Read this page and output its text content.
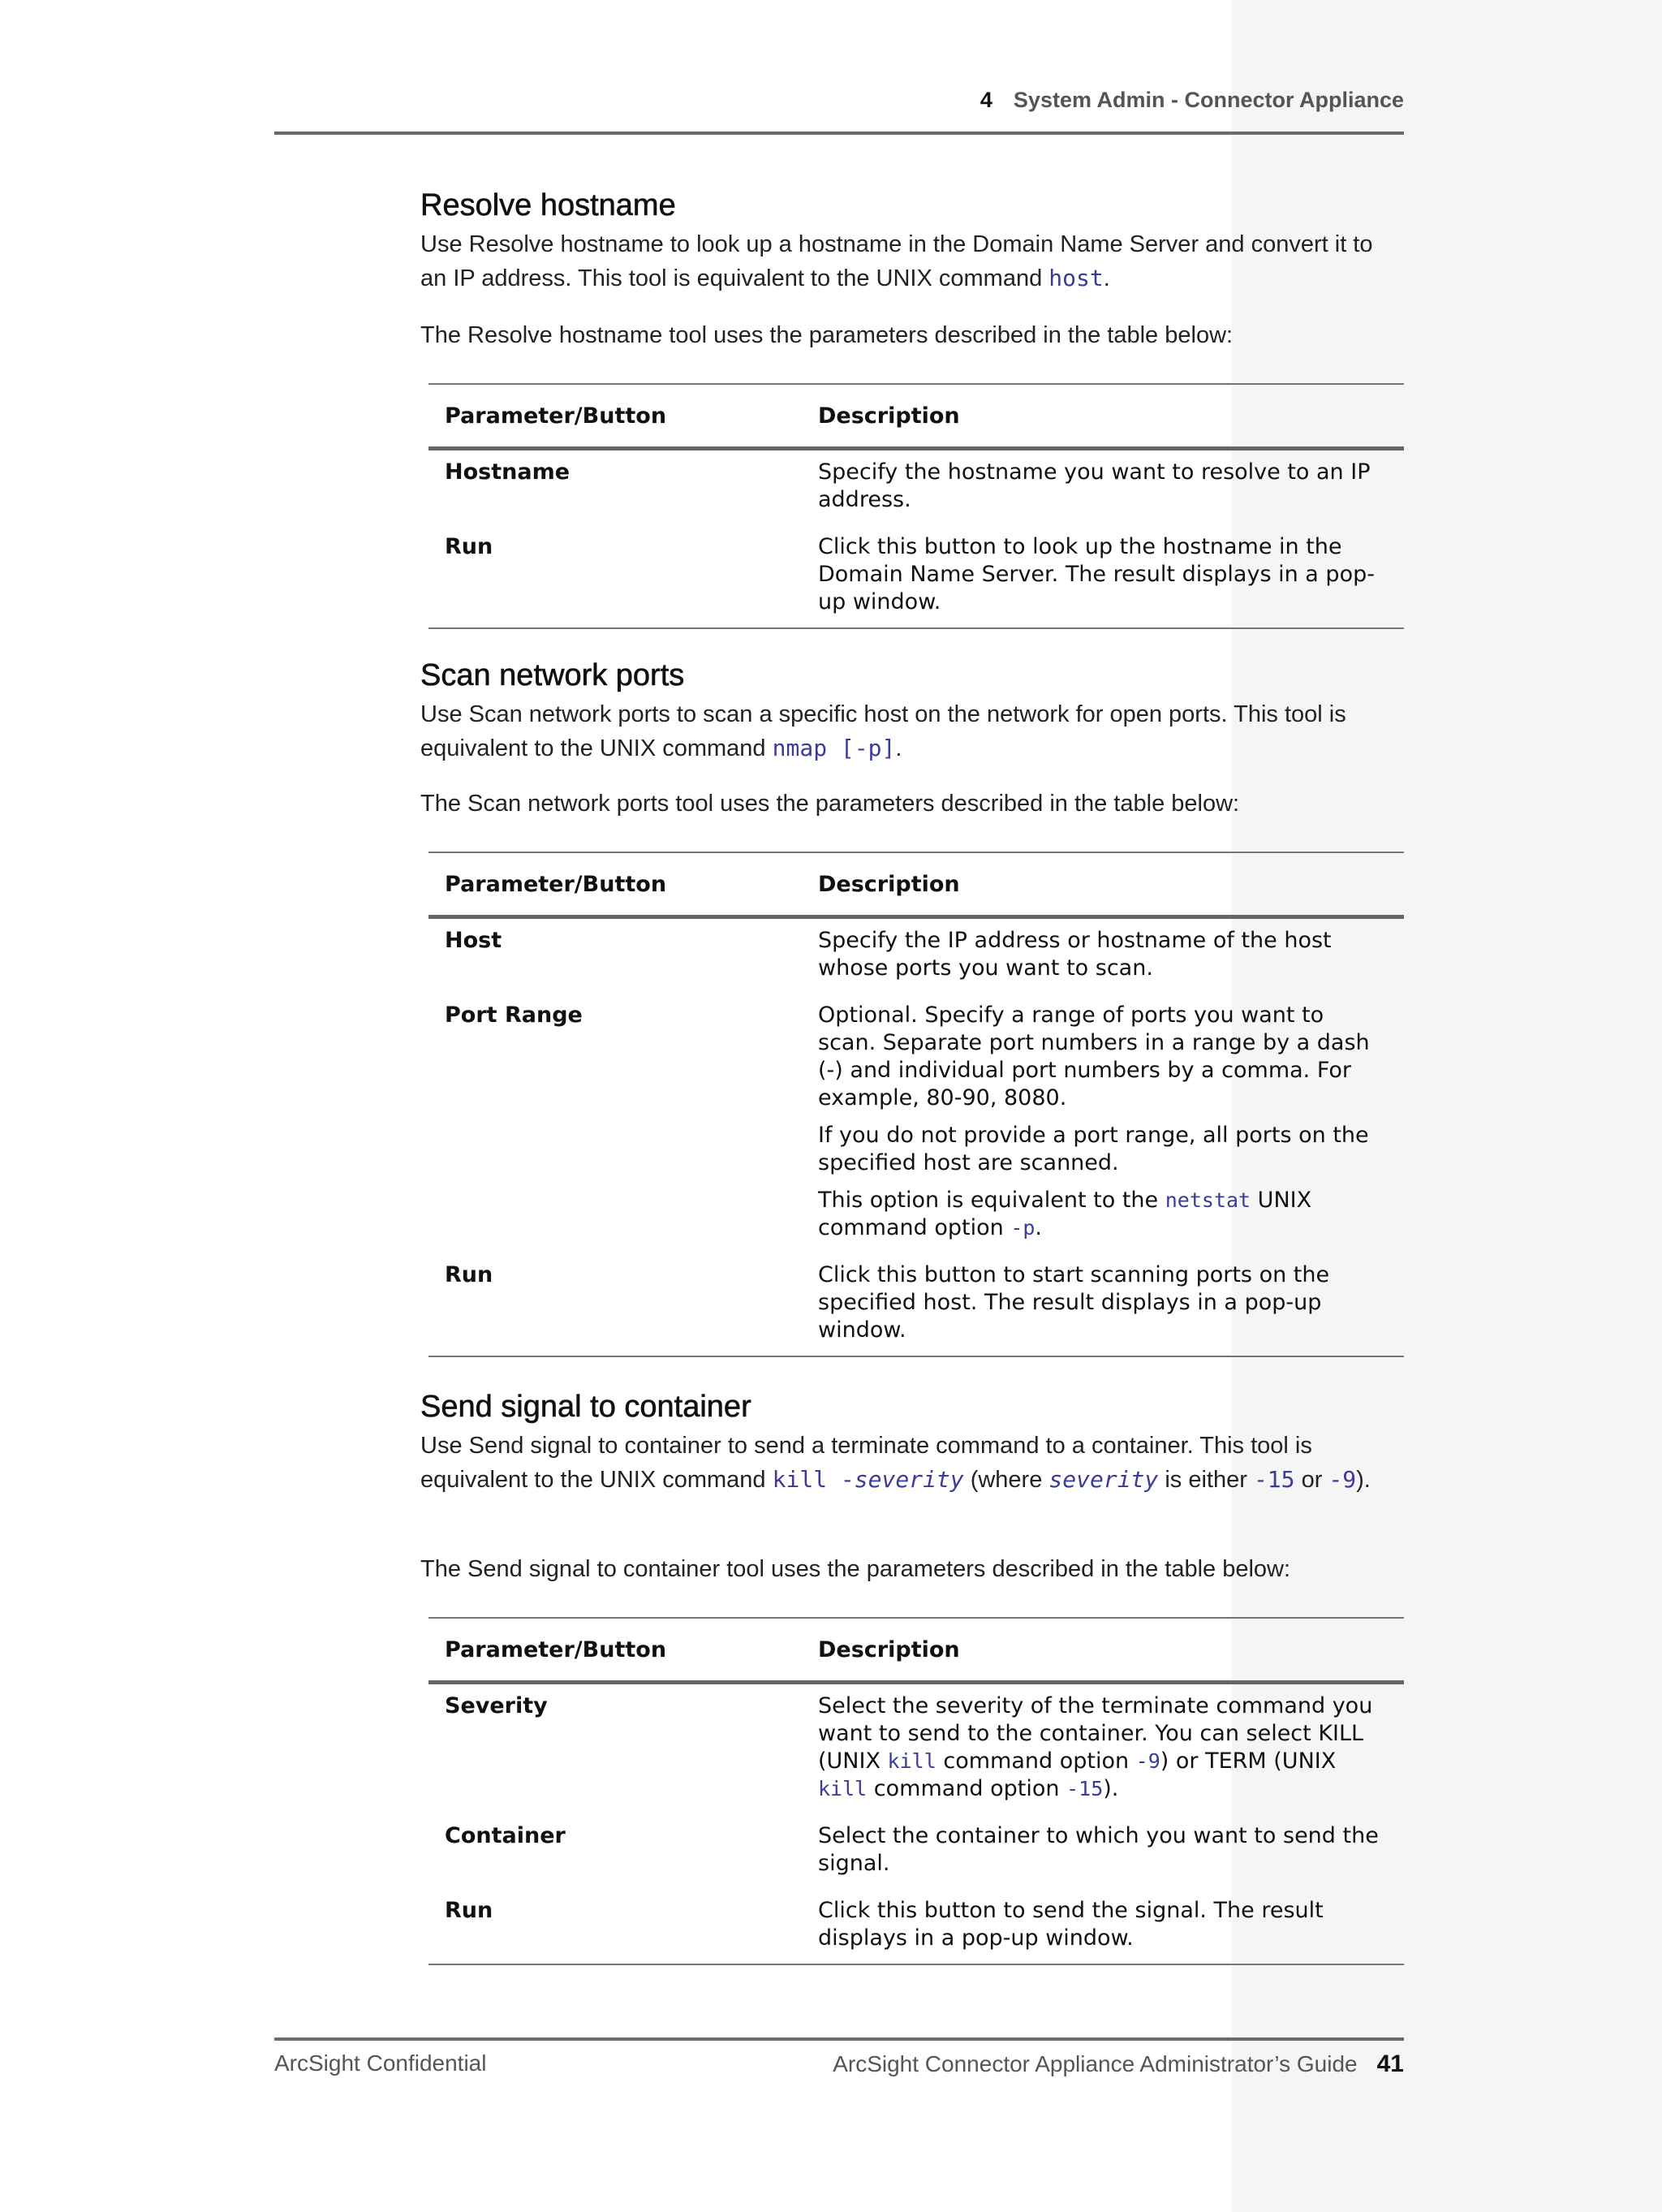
4 System Admin - Connector Appliance
Resolve hostname

Use Resolve hostname to look up a hostname in the Domain Name Server and convert it to an IP address. This tool is equivalent to the UNIX command host.

The Resolve hostname tool uses the parameters described in the table below:

Parameter/Button	Description
Hostname	Specify the hostname you want to resolve to an IP address.
Run	Click this button to look up the hostname in the Domain Name Server. The result displays in a pop-up window.
Scan network ports

Use Scan network ports to scan a specific host on the network for open ports. This tool is equivalent to the UNIX command nmap [-p].

The Scan network ports tool uses the parameters described in the table below:

Parameter/Button	Description
Host	Specify the IP address or hostname of the host whose ports you want to scan.
Port Range	Optional. Specify a range of ports you want to scan. Separate port numbers in a range by a dash (-) and individual port numbers by a comma. For example, 80-90, 8080.

If you do not provide a port range, all ports on the specified host are scanned.

This option is equivalent to the netstat UNIX command option -p.

Run	Click this button to start scanning ports on the specified host. The result displays in a pop-up window.
Send signal to container

Use Send signal to container to send a terminate command to a container. This tool is equivalent to the UNIX command kill -severity (where severity is either -15 or -9).

The Send signal to container tool uses the parameters described in the table below:

Parameter/Button	Description
Severity	Select the severity of the terminate command you want to send to the container. You can select KILL (UNIX kill command option -9) or TERM (UNIX kill command option -15).
Container	Select the container to which you want to send the signal.
Run	Click this button to send the signal. The result displays in a pop-up window.
ArcSight Confidential	ArcSight Connector Appliance Administrator’s Guide 41
